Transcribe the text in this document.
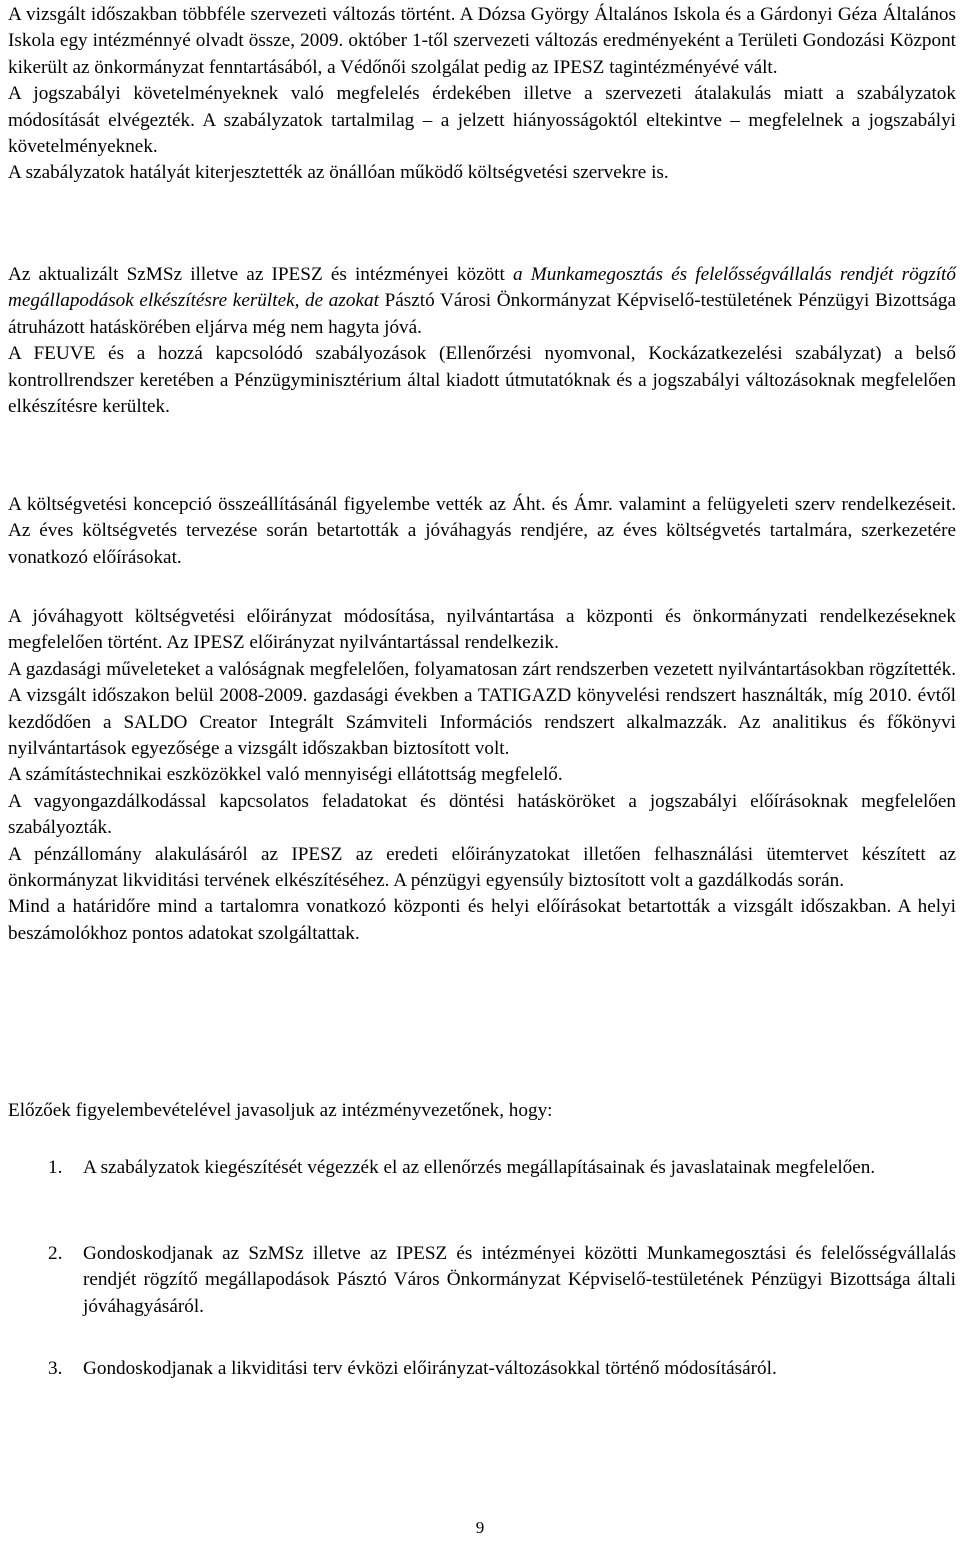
A vizsgált időszakban többféle szervezeti változás történt. A Dózsa György Általános Iskola és a Gárdonyi Géza Általános Iskola egy intézménnyé olvadt össze, 2009. október 1-től szervezeti változás eredményeként a Területi Gondozási Központ kikerült az önkormányzat fenntartásából, a Védőnői szolgálat pedig az IPESZ tagintézményévé vált.

A jogszabályi követelményeknek való megfelelés érdekében illetve a szervezeti átalakulás miatt a szabályzatok módosítását elvégezték. A szabályzatok tartalmilag – a jelzett hiányosságoktól eltekintve – megfelelnek a jogszabályi követelményeknek.

A szabályzatok hatályát kiterjesztették az önállóan működő költségvetési szervekre is.

Az aktualizált SzMSz illetve az IPESZ és intézményei között a Munkamegosztás és felelősségvállalás rendjét rögzítő megállapodások elkészítésre kerültek, de azokat Pásztó Városi Önkormányzat Képviselő-testületének Pénzügyi Bizottsága átruházott hatáskörében eljárva még nem hagyta jóvá.

A FEUVE és a hozzá kapcsolódó szabályozások (Ellenőrzési nyomvonal, Kockázatkezelési szabályzat) a belső kontrollrendszer keretében a Pénzügyminisztérium által kiadott útmutatóknak és a jogszabályi változásoknak megfelelően elkészítésre kerültek.

A költségvetési koncepció összeállításánál figyelembe vették az Áht. és Ámr. valamint a felügyeleti szerv rendelkezéseit. Az éves költségvetés tervezése során betartották a jóváhagyás rendjére, az éves költségvetés tartalmára, szerkezetére vonatkozó előírásokat.

A jóváhagyott költségvetési előirányzat módosítása, nyilvántartása a központi és önkormányzati rendelkezéseknek megfelelően történt. Az IPESZ előirányzat nyilvántartással rendelkezik.

A gazdasági műveleteket a valóságnak megfelelően, folyamatosan zárt rendszerben vezetett nyilvántartásokban rögzítették. A vizsgált időszakon belül 2008-2009. gazdasági években a TATIGAZD könyvelési rendszert használták, míg 2010. évtől kezdődően a SALDO Creator Integrált Számviteli Információs rendszert alkalmazzák. Az analitikus és főkönyvi nyilvántartások egyezősége a vizsgált időszakban biztosított volt.

A számítástechnikai eszközökkel való mennyiségi ellátottság megfelelő.

A vagyongazdálkodással kapcsolatos feladatokat és döntési hatásköröket a jogszabályi előírásoknak megfelelően szabályozták.

A pénzállomány alakulásáról az IPESZ az eredeti előirányzatokat illetően felhasználási ütemtervet készített az önkormányzat likviditási tervének elkészítéséhez. A pénzügyi egyensúly biztosított volt a gazdálkodás során.

Mind a határidőre mind a tartalomra vonatkozó központi és helyi előírásokat betartották a vizsgált időszakban. A helyi beszámolókhoz pontos adatokat szolgáltattak.

Előzőek figyelembevételével javasoljuk az intézményvezetőnek, hogy:

1. A szabályzatok kiegészítését végezzék el az ellenőrzés megállapításainak és javaslatainak megfelelően.
2. Gondoskodjanak az SzMSz illetve az IPESZ és intézményei közötti Munkamegosztási és felelősségvállalás rendjét rögzítő megállapodások Pásztó Város Önkormányzat Képviselő-testületének Pénzügyi Bizottsága általi jóváhagyásáról.
3. Gondoskodjanak a likviditási terv évközi előirányzat-változásokkal történő módosításáról.
9
